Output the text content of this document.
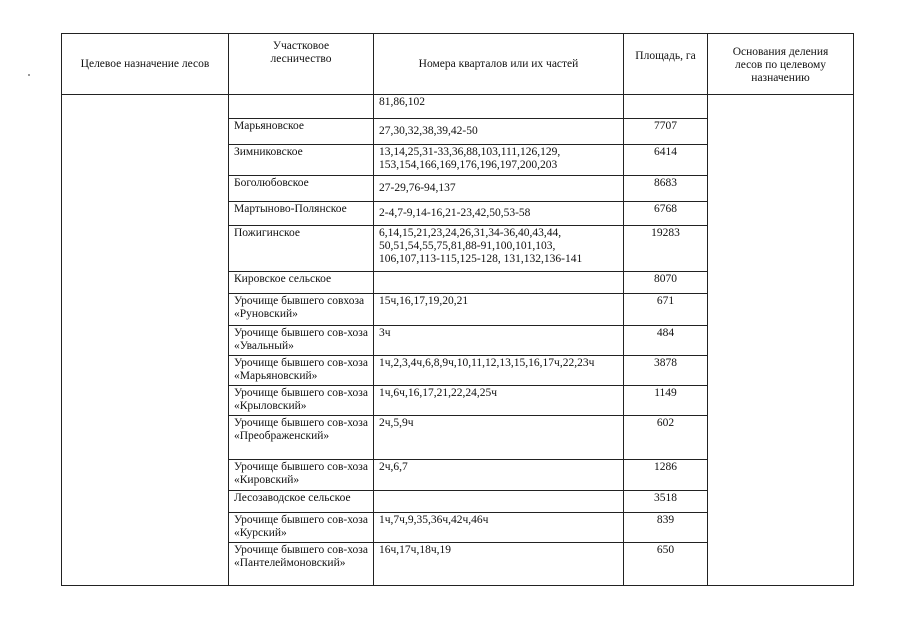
Целевое назначение лесов	Участковое лесничество	Номера кварталов или их частей	Площадь, га	Основания деления лесов по целевому назначению
		81,86,102		
	Марьяновское	27,30,32,38,39,42-50	7707	
	Зимниковское	13,14,25,31-33,36,88,103,111,126,129, 153,154,166,169,176,196,197,200,203	6414	
	Боголюбовское	27-29,76-94,137	8683	
	Мартыново-Полянское	2-4,7-9,14-16,21-23,42,50,53-58	6768	
	Пожигинское	6,14,15,21,23,24,26,31,34-36,40,43,44, 50,51,54,55,75,81,88-91,100,101,103, 106,107,113-115,125-128, 131,132,136-141	19283	
	Кировское сельское		8070	
	Урочище бывшего совхоза «Руновский»	15ч,16,17,19,20,21	671	
	Урочище бывшего сов-хоза «Увальный»	3ч	484	
	Урочище бывшего сов-хоза «Марьяновский»	1ч,2,3,4ч,6,8,9ч,10,11,12,13,15,16,17ч,22,23ч	3878	
	Урочище бывшего сов-хоза «Крыловский»	1ч,6ч,16,17,21,22,24,25ч	1149	
	Урочище бывшего сов-хоза «Преображенский»	2ч,5,9ч	602	
	Урочище бывшего сов-хоза «Кировский»	2ч,6,7	1286	
	Лесозаводское сельское		3518	
	Урочище бывшего сов-хоза «Курский»	1ч,7ч,9,35,36ч,42ч,46ч	839	
	Урочище бывшего сов-хоза «Пантелеймоновский»	16ч,17ч,18ч,19	650	
